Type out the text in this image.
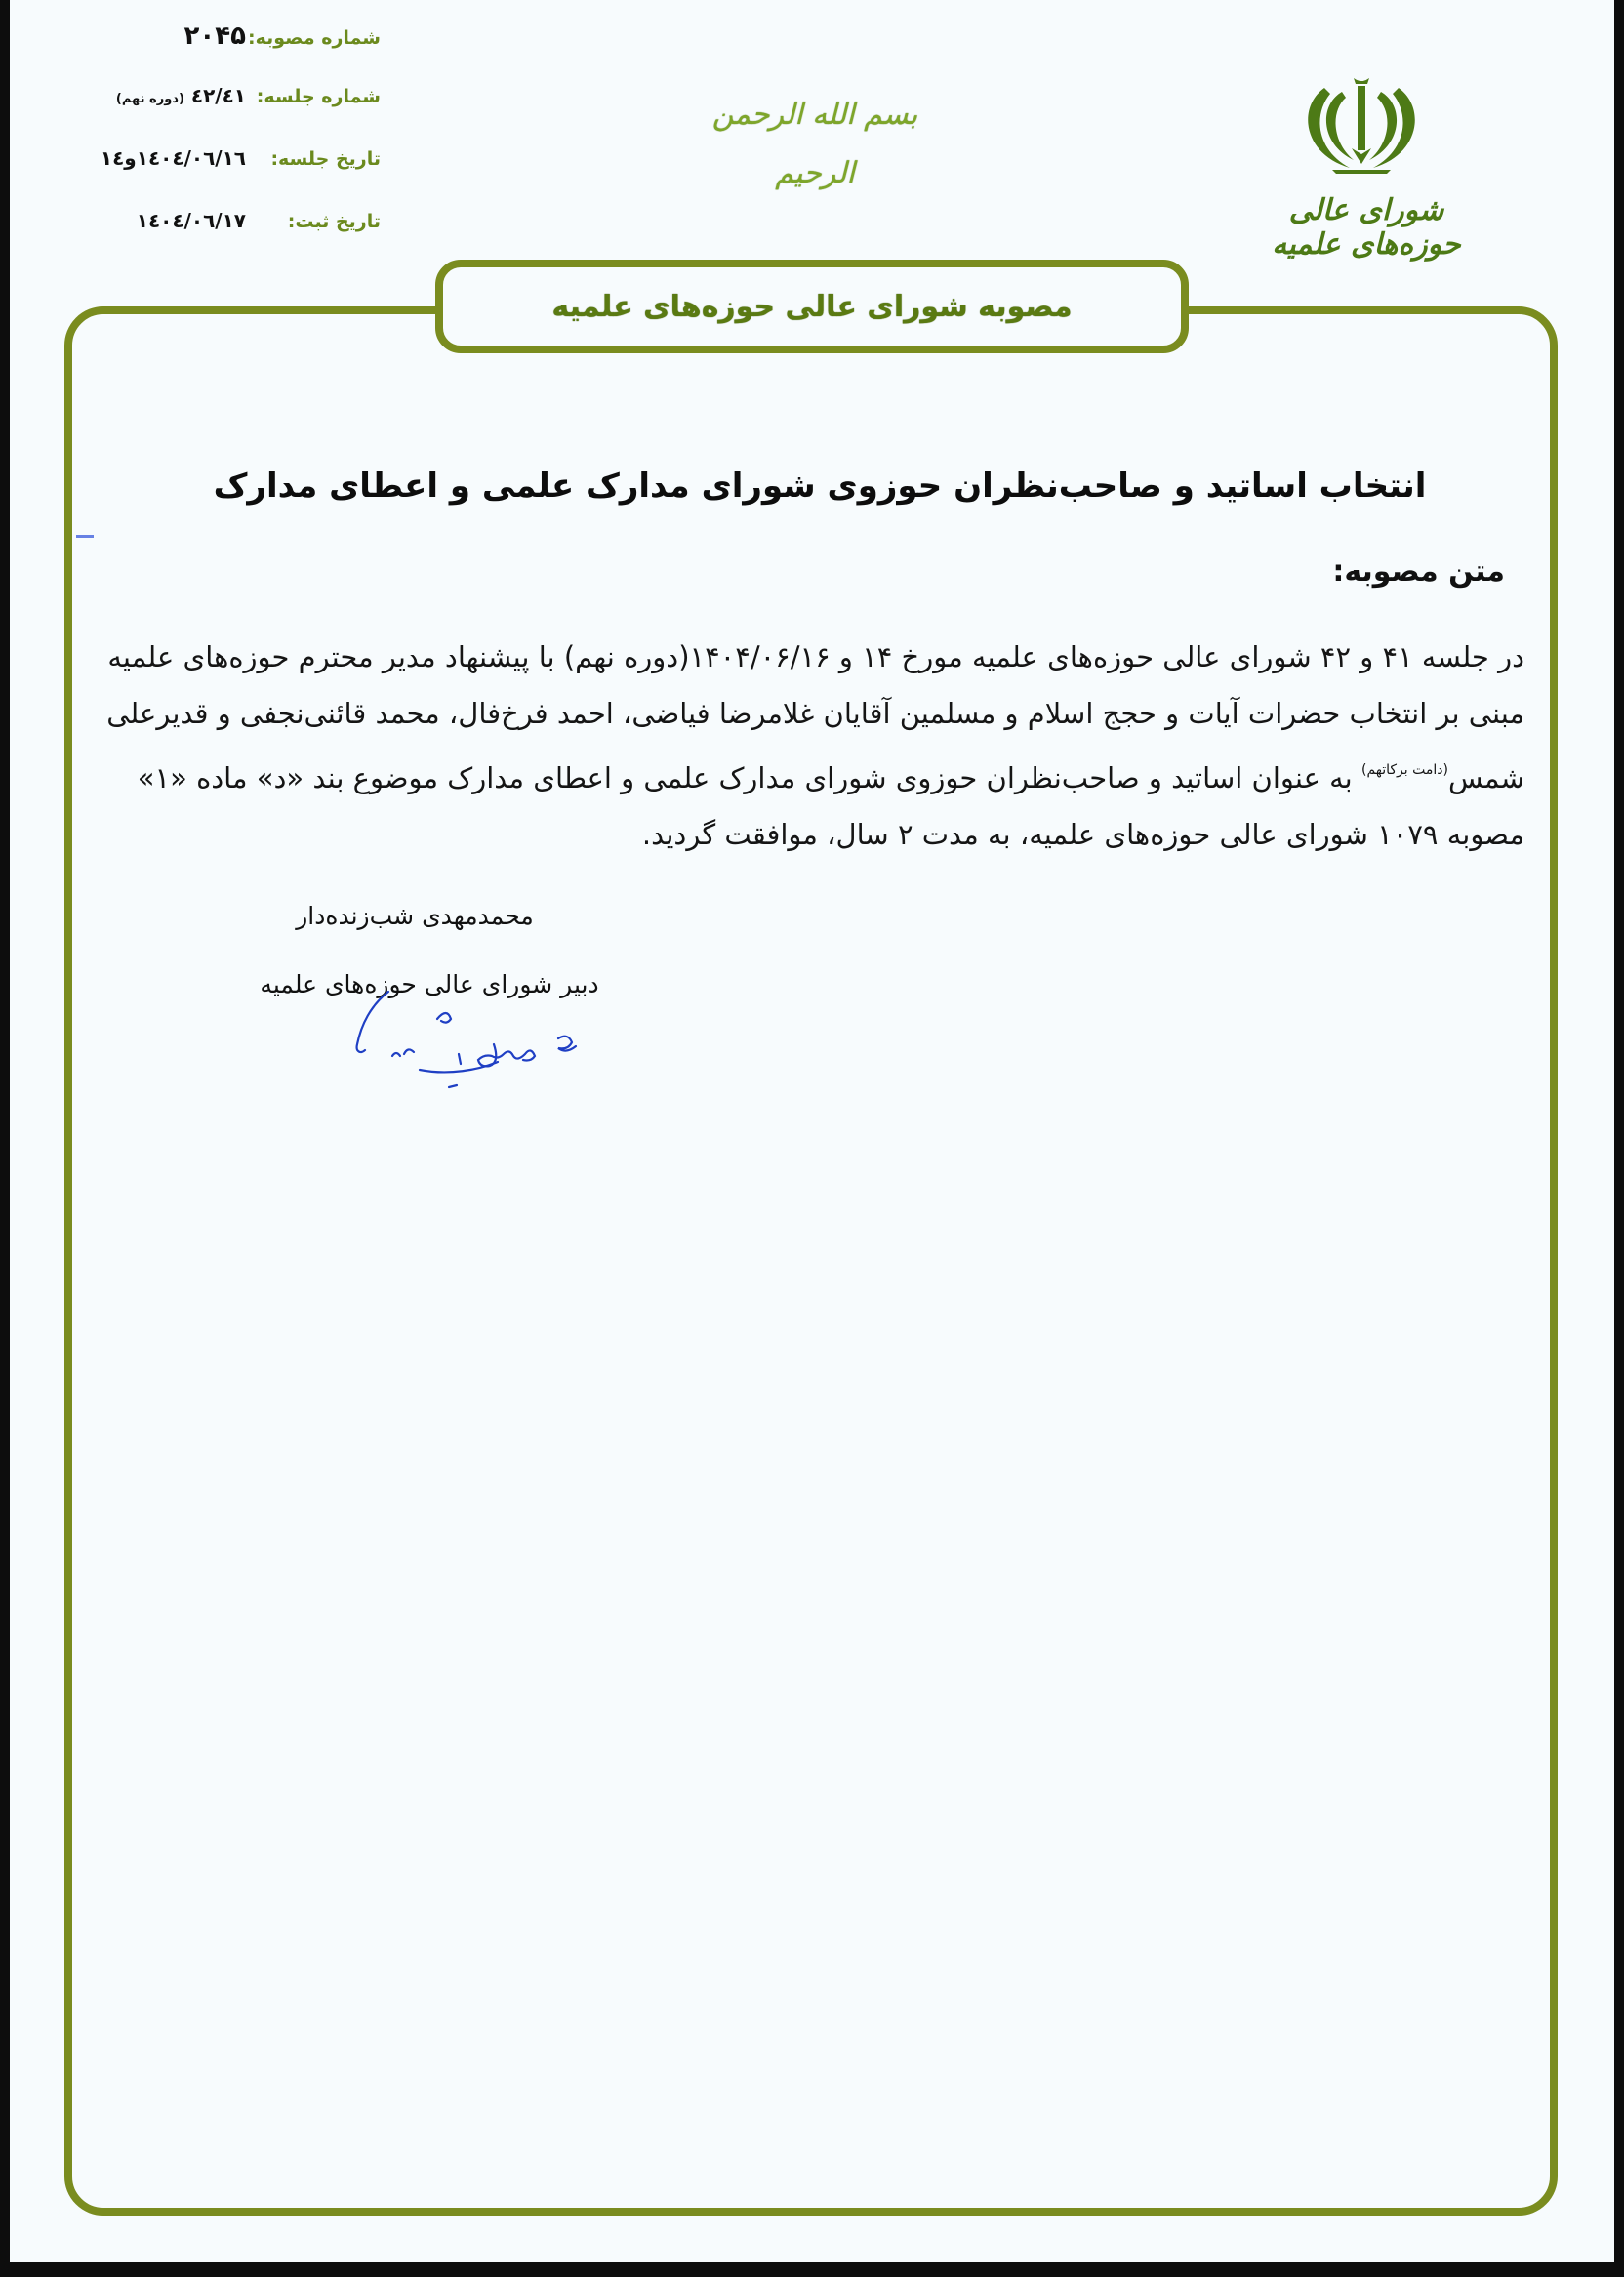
شماره مصوبه:
۲۰۴۵
شماره جلسه:
٤٢/٤١ (دوره نهم)
تاریخ جلسه:
١٤٠٤/٠٦/١٦و١٤
تاریخ ثبت:
١٤٠٤/٠٦/١٧
بسم الله الرحمن الرحیم
شورای عالی حوزه‌های علمیه
مصوبه شورای عالی حوزه‌های علمیه
انتخاب اساتید و صاحب‌نظران حوزوی شورای مدارک علمی و اعطای مدارک
متن مصوبه:
در جلسه ۴۱ و ۴۲ شورای عالی حوزه‌های علمیه مورخ ۱۴ و ۱۴۰۴/۰۶/۱۶(دوره نهم) با پیشنهاد مدیر محترم حوزه‌های علمیه
مبنی بر انتخاب حضرات آیات و حجج اسلام و مسلمین آقایان غلامرضا فیاضی، احمد فرخ‌فال، محمد قائنی‌نجفی و قدیرعلی
شمس$^{(دامت برکاتهم)}$ به عنوان اساتید و صاحب‌نظران حوزوی شورای مدارک علمی و اعطای مدارک موضوع بند «د» ماده «۱»
مصوبه ۱۰۷۹ شورای عالی حوزه‌های علمیه، به مدت ۲ سال، موافقت گردید.
محمدمهدی شب‌زنده‌دار
دبیر شورای عالی حوزه‌های علمیه
